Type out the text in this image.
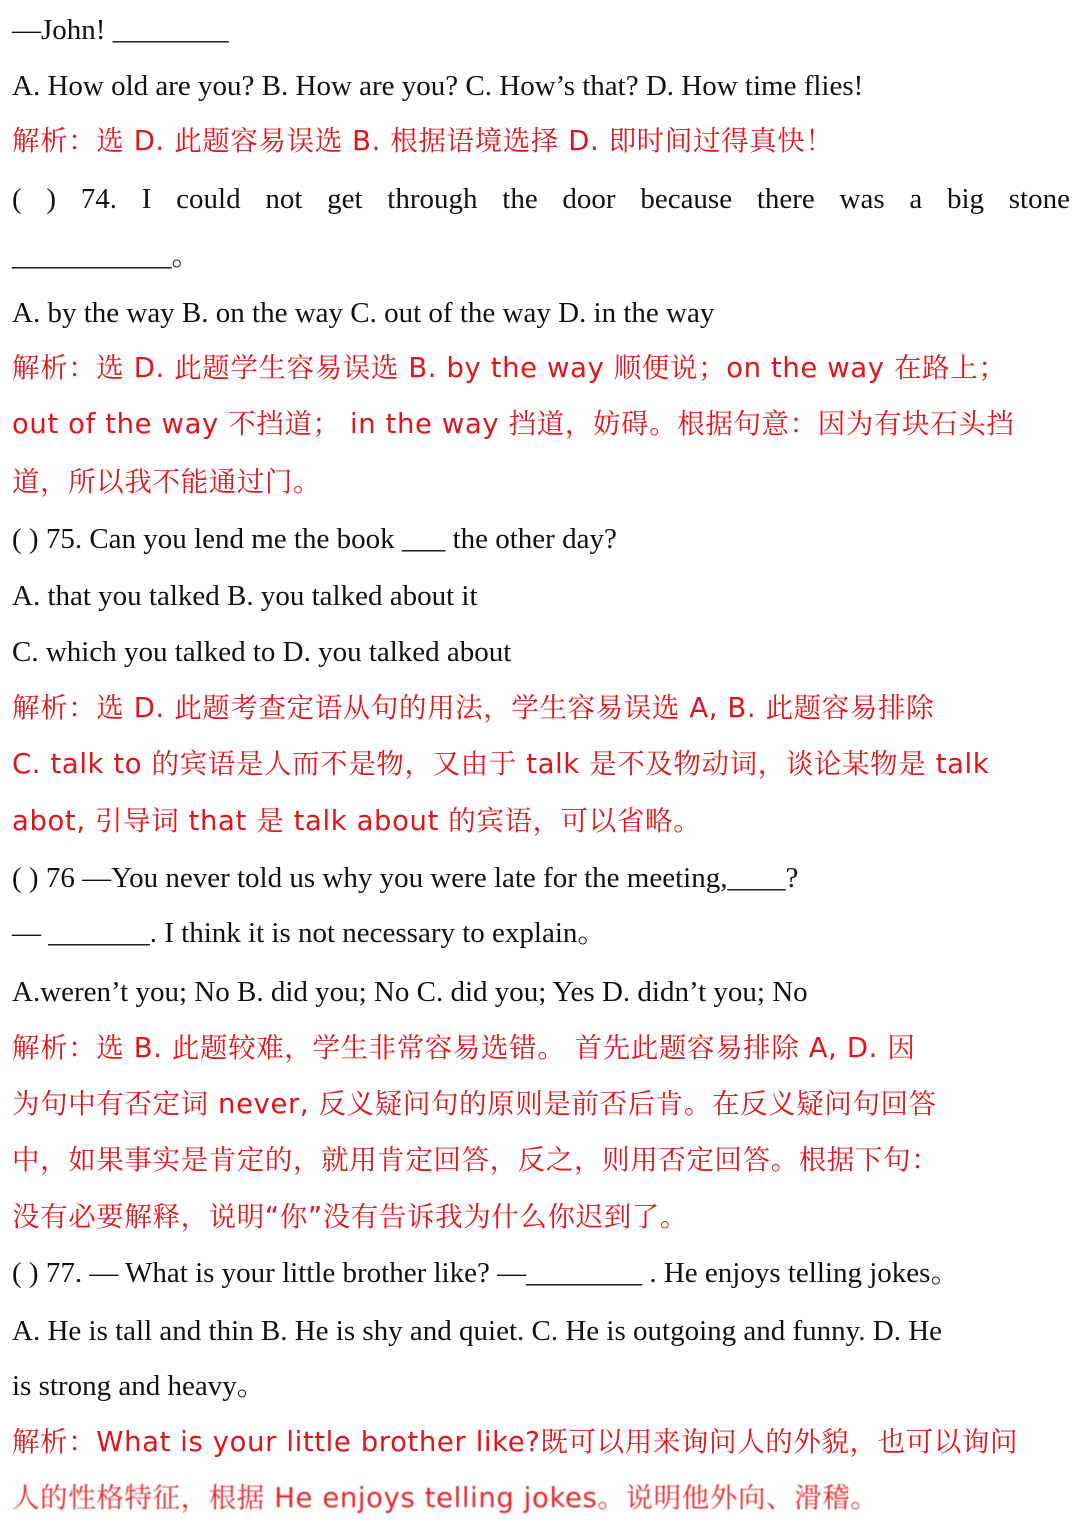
—John! ________
A. How old are you? B. How are you? C. How’s that? D. How time flies!
解析：选 D. 此题容易误选 B. 根据语境选择 D. 即时间过得真快！
( ) 74. I could not get through the door because there was a big stone
___________。
A. by the way B. on the way C. out of the way D. in the way
解析：选 D. 此题学生容易误选 B. by the way 顺便说；on the way 在路上；
out of the way 不挡道； in the way 挡道，妨碍。根据句意：因为有块石头挡
道，所以我不能通过门。
( ) 75. Can you lend me the book ___ the other day?
A. that you talked B. you talked about it
C. which you talked to D. you talked about
解析：选 D. 此题考查定语从句的用法，学生容易误选 A, B. 此题容易排除
C. talk to 的宾语是人而不是物，又由于 talk 是不及物动词，谈论某物是 talk
abot, 引导词 that 是 talk about 的宾语，可以省略。
( ) 76 —You never told us why you were late for the meeting,____?
— _______. I think it is not necessary to explain。
A.weren’t you; No B. did you; No C. did you; Yes D. didn’t you; No
解析：选 B. 此题较难，学生非常容易选错。 首先此题容易排除 A, D. 因
为句中有否定词 never, 反义疑问句的原则是前否后肯。在反义疑问句回答
中，如果事实是肯定的，就用肯定回答，反之，则用否定回答。根据下句：
没有必要解释，说明“你”没有告诉我为什么你迟到了。
( ) 77. — What is your little brother like? —________ . He enjoys telling jokes。
A. He is tall and thin B. He is shy and quiet. C. He is outgoing and funny. D. He
is strong and heavy。
解析：What is your little brother like?既可以用来询问人的外貌，也可以询问
人的性格特征，根据 He enjoys telling jokes。说明他外向、滑稽。
